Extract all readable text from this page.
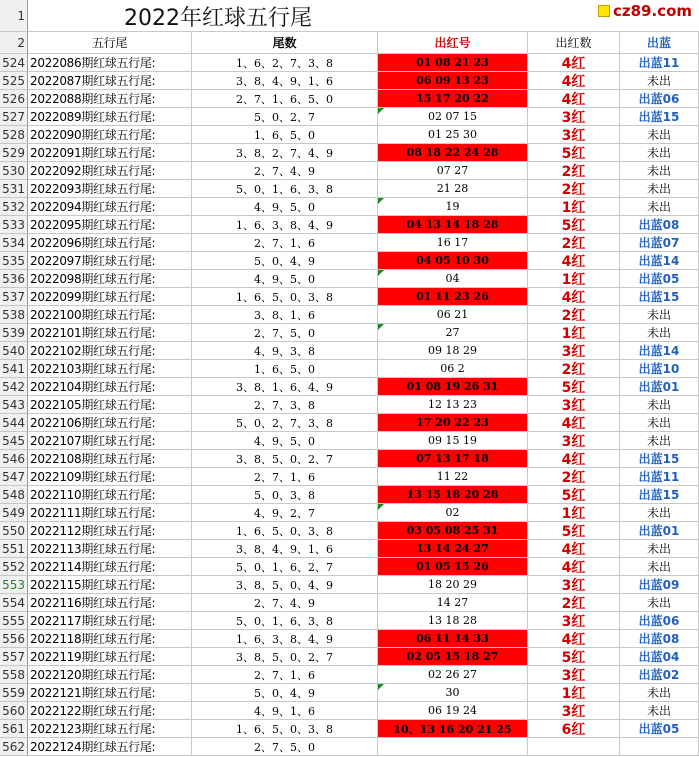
1	2022年红球五行尾	cz89.com
2	五行尾	尾数	出红号	出红数	出蓝
524 2022086期红球五行尾:	1、6、2、7、3、8	01 08 21 23	4红	出蓝11
525 2022087期红球五行尾:	3、8、4、9、1、6	06 09 13 23	4红	未出
526 2022088期红球五行尾:	2、7、1、6、5、0	15 17 20 22	4红	出蓝06
527 2022089期红球五行尾:	5、0、2、7	02 07 15	3红	出蓝15
528 2022090期红球五行尾:	1、6、5、0	01 25 30	3红	未出
529 2022091期红球五行尾:	3、8、2、7、4、9	08 18 22 24 28	5红	未出
530 2022092期红球五行尾:	2、7、4、9	07 27	2红	未出
531 2022093期红球五行尾:	5、0、1、6、3、8	21 28	2红	未出
532 2022094期红球五行尾:	4、9、5、0	19	1红	未出
533 2022095期红球五行尾:	1、6、3、8、4、9	04 13 14 18 28	5红	出蓝08
534 2022096期红球五行尾:	2、7、1、6	16 17	2红	出蓝07
535 2022097期红球五行尾:	5、0、4、9	04 05 10 30	4红	出蓝14
536 2022098期红球五行尾:	4、9、5、0	04	1红	出蓝05
537 2022099期红球五行尾:	1、6、5、0、3、8	01 11 23 26	4红	出蓝15
538 2022100期红球五行尾:	3、8、1、6	06 21	2红	未出
539 2022101期红球五行尾:	2、7、5、0	27	1红	未出
540 2022102期红球五行尾:	4、9、3、8	09 18 29	3红	出蓝14
541 2022103期红球五行尾:	1、6、5、0	06 2	2红	出蓝10
542 2022104期红球五行尾:	3、8、1、6、4、9	01 08 19 26 31	5红	出蓝01
543 2022105期红球五行尾:	2、7、3、8	12 13 23	3红	未出
544 2022106期红球五行尾:	5、0、2、7、3、8	17 20 22 23	4红	未出
545 2022107期红球五行尾:	4、9、5、0	09 15 19	3红	未出
546 2022108期红球五行尾:	3、8、5、0、2、7	07 13 17 18	4红	出蓝15
547 2022109期红球五行尾:	2、7、1、6	11 22	2红	出蓝11
548 2022110期红球五行尾:	5、0、3、8	13 15 18 20 28	5红	出蓝15
549 2022111期红球五行尾:	4、9、2、7	02	1红	未出
550 2022112期红球五行尾:	1、6、5、0、3、8	03 05 08 25 31	5红	出蓝01
551 2022113期红球五行尾:	3、8、4、9、1、6	13 14 24 27	4红	未出
552 2022114期红球五行尾:	5、0、1、6、2、7	01 05 15 26	4红	未出
553 2022115期红球五行尾:	3、8、5、0、4、9	18 20 29	3红	出蓝09
554 2022116期红球五行尾:	2、7、4、9	14 27	2红	未出
555 2022117期红球五行尾:	5、0、1、6、3、8	13 18 28	3红	出蓝06
556 2022118期红球五行尾:	1、6、3、8、4、9	06 11 14 33	4红	出蓝08
557 2022119期红球五行尾:	3、8、5、0、2、7	02 05 15 18 27	5红	出蓝04
558 2022120期红球五行尾:	2、7、1、6	02 26 27	3红	出蓝02
559 2022121期红球五行尾:	5、0、4、9	30	1红	未出
560 2022122期红球五行尾:	4、9、1、6	06 19 24	3红	未出
561 2022123期红球五行尾:	1、6、5、0、3、8	10、13 16 20 21 25	6红	出蓝05
562 2022124期红球五行尾:	2、7、5、0
